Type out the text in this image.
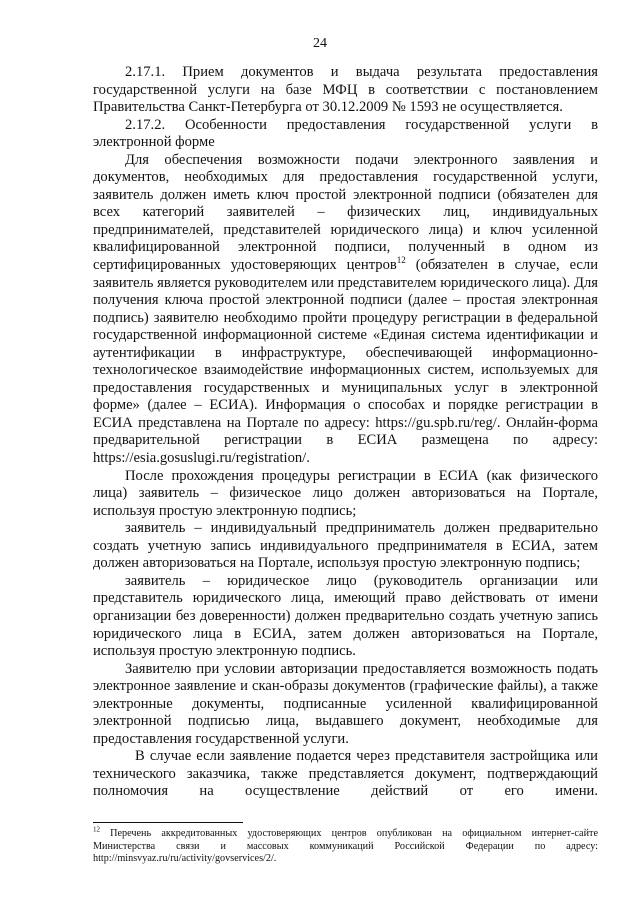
24

2.17.1. Прием документов и выдача результата предоставления государственной услуги на базе МФЦ в соответствии с постановлением Правительства Санкт-Петербурга от 30.12.2009 № 1593 не осуществляется.

2.17.2. Особенности предоставления государственной услуги в электронной форме

Для обеспечения возможности подачи электронного заявления и документов, необходимых для предоставления государственной услуги, заявитель должен иметь ключ простой электронной подписи (обязателен для всех категорий заявителей – физических лиц, индивидуальных предпринимателей, представителей юридического лица) и ключ усиленной квалифицированной электронной подписи, полученный в одном из сертифицированных удостоверяющих центров$^{12}$ (обязателен в случае, если заявитель является руководителем или представителем юридического лица). Для получения ключа простой электронной подписи (далее – простая электронная подпись) заявителю необходимо пройти процедуру регистрации в федеральной государственной информационной системе «Единая система идентификации и аутентификации в инфраструктуре, обеспечивающей информационно-технологическое взаимодействие информационных систем, используемых для предоставления государственных и муниципальных услуг в электронной форме» (далее – ЕСИА). Информация о способах и порядке регистрации в ЕСИА представлена на Портале по адресу: https://gu.spb.ru/reg/. Онлайн-форма предварительной регистрации в ЕСИА размещена по адресу: https://esia.gosuslugi.ru/registration/.

После прохождения процедуры регистрации в ЕСИА (как физического лица) заявитель – физическое лицо должен авторизоваться на Портале, используя простую электронную подпись;

заявитель – индивидуальный предприниматель должен предварительно создать учетную запись индивидуального предпринимателя в ЕСИА, затем должен авторизоваться на Портале, используя простую электронную подпись;

заявитель – юридическое лицо (руководитель организации или представитель юридического лица, имеющий право действовать от имени организации без доверенности) должен предварительно создать учетную запись юридического лица в ЕСИА, затем должен авторизоваться на Портале, используя простую электронную подпись.

Заявителю при условии авторизации предоставляется возможность подать электронное заявление и скан-образы документов (графические файлы), а также электронные документы, подписанные усиленной квалифицированной электронной подписью лица, выдавшего документ, необходимые для предоставления государственной услуги.

В случае если заявление подается через представителя застройщика или технического заказчика, также представляется документ, подтверждающий полномочия на осуществление действий от его имени.

$^{12}$ Перечень аккредитованных удостоверяющих центров опубликован на официальном интернет-сайте Министерства связи и массовых коммуникаций Российской Федерации по адресу: http://minsvyaz.ru/ru/activity/govservices/2/.
